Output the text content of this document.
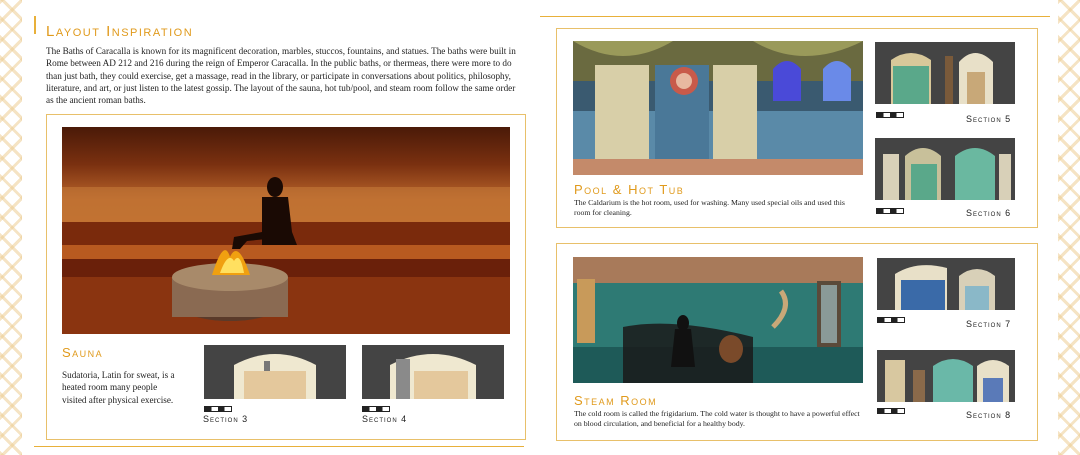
Layout Inspiration
The Baths of Caracalla is known for its magnificent decoration, marbles, stuccos, fountains, and statues. The baths were built in Rome between AD 212 and 216 during the reign of Emperor Caracalla. In the public baths, or thermeas, there were more to do than just bath, they could exercise, get a massage, read in the library, or participate in conversations about politics, philosophy, literature, and art, or just listen to the latest gossip. The layout of the sauna, hot tub/pool, and steam room follow the same order as the ancient roman baths.
Sauna
Sudatoria, Latin for sweat, is a heated room many people visited after physical exercise.
Section 3	Section 4
Pool & Hot Tub
The Caldarium is the hot room, used for washing. Many used special oils and used this room for cleaning.
Section 5
Section 6
Steam Room
The cold room is called the frigidarium. The cold water is thought to have a powerful effect on blood circulation, and beneficial for a healthy body.
Section 7
Section 8
